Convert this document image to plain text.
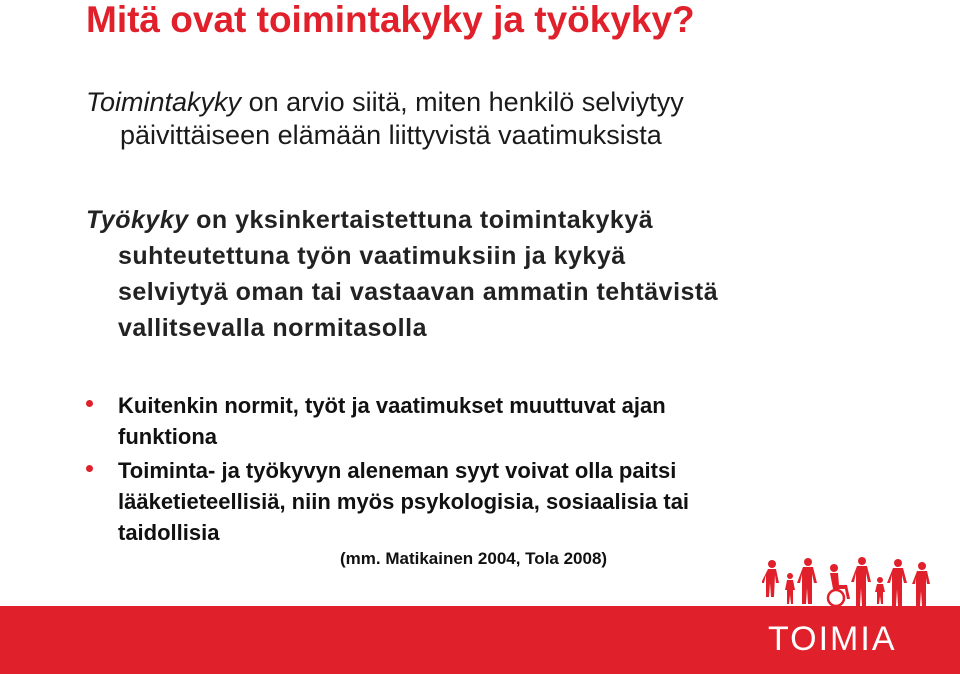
Mitä ovat toimintakyky ja työkyky?
Toimintakyky on arvio siitä, miten henkilö selviytyy
päivittäiseen elämään liittyvistä vaatimuksista
Työkyky on yksinkertaistettuna toimintakykyä
suhteutettuna työn vaatimuksiin ja kykyä
selviytyä oman tai vastaavan ammatin tehtävistä
vallitsevalla normitasolla
Kuitenkin normit, työt ja vaatimukset muuttuvat ajan
funktiona
Toiminta- ja työkyvyn aleneman syyt voivat olla paitsi
lääketieteellisiä, niin myös psykologisia, sosiaalisia tai
taidollisia
(mm. Matikainen 2004, Tola 2008)
TOIMIA
